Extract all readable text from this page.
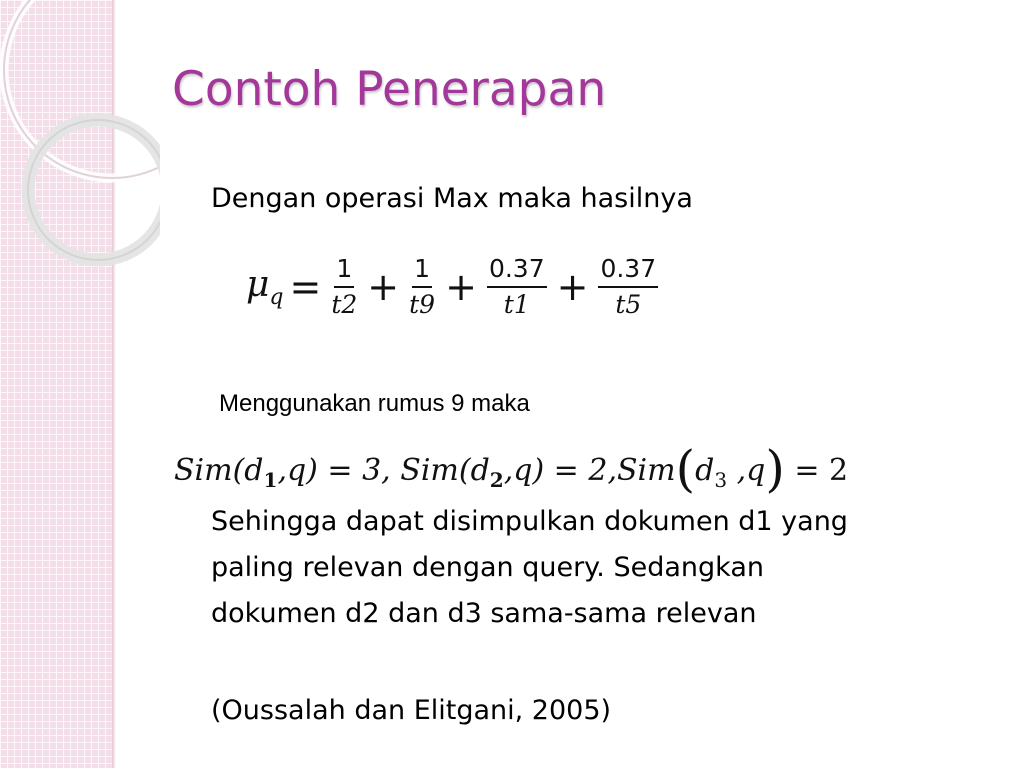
Contoh Penerapan
Dengan operasi Max maka hasilnya
$\mu_q = \frac{1}{t2} + \frac{1}{t9} + \frac{0.37}{t1} + \frac{0.37}{t5}$
Menggunakan rumus 9 maka
$Sim(d_1,q) = 3$, $Sim(d_2,q) = 2,Sim(d_3$ ,q) = 2
Sehingga dapat disimpulkan dokumen d1 yang
paling relevan dengan query. Sedangkan
dokumen d2 dan d3 sama-sama relevan
(Oussalah dan Elitgani, 2005)
